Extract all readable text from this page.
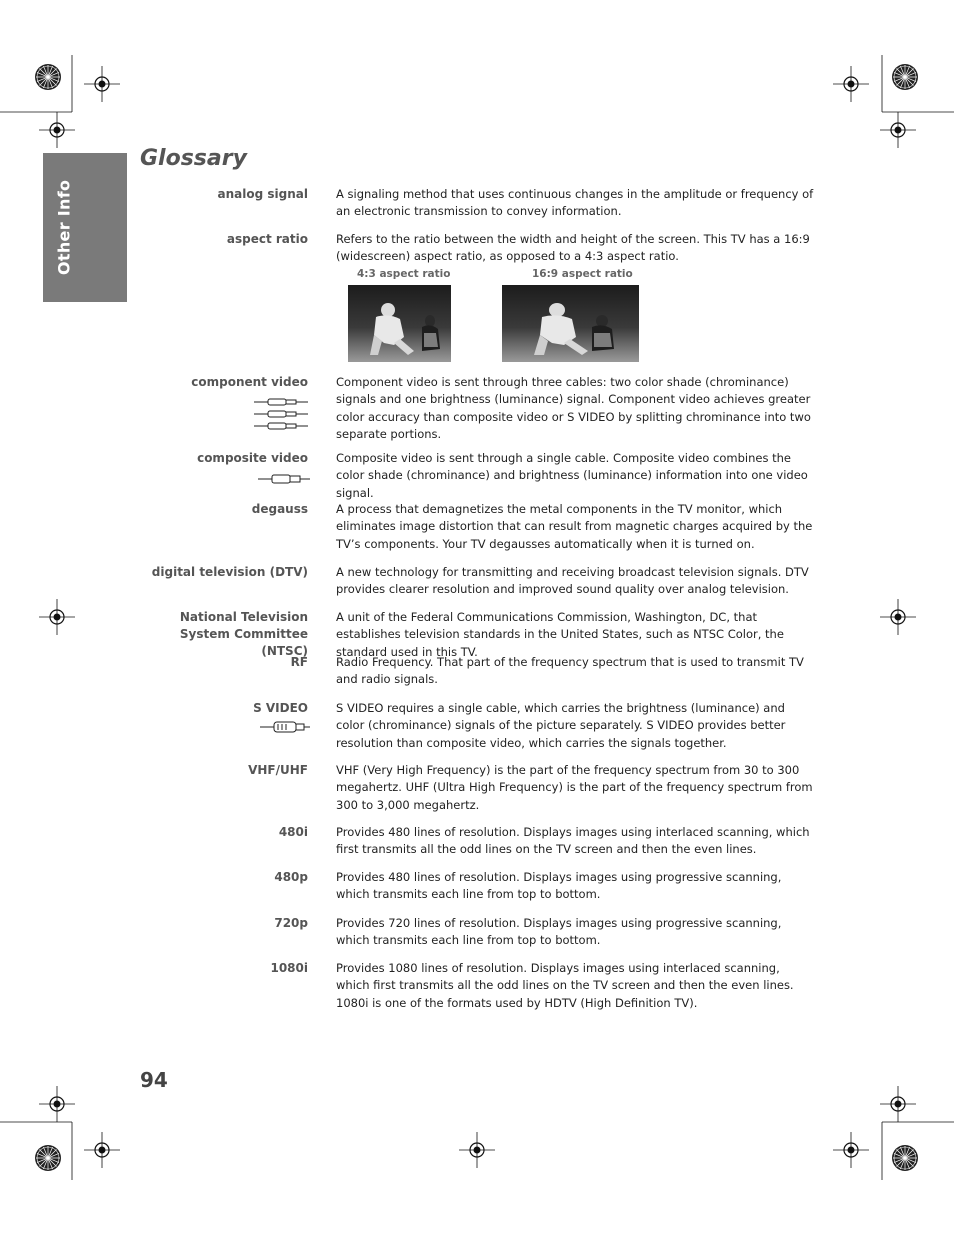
Other Info
Glossary
analog signal A signaling method that uses continuous changes in the amplitude or frequency of an electronic transmission to convey information.
aspect ratio Refers to the ratio between the width and height of the screen. This TV has a 16:9 (widescreen) aspect ratio, as opposed to a 4:3 aspect ratio.
4:3 aspect ratio	16:9 aspect ratio
component video Component video is sent through three cables: two color shade (chrominance) signals and one brightness (luminance) signal. Component video achieves greater color accuracy than composite video or S VIDEO by splitting chrominance into two separate portions.
composite video Composite video is sent through a single cable. Composite video combines the color shade (chrominance) and brightness (luminance) information into one video signal.
degauss A process that demagnetizes the metal components in the TV monitor, which eliminates image distortion that can result from magnetic charges acquired by the TV’s components. Your TV degausses automatically when it is turned on.
digital television (DTV) A new technology for transmitting and receiving broadcast television signals. DTV provides clearer resolution and improved sound quality over analog television.
National Television System Committee (NTSC)
A unit of the Federal Communications Commission, Washington, DC, that establishes television standards in the United States, such as NTSC Color, the standard used in this TV.
RF Radio Frequency. That part of the frequency spectrum that is used to transmit TV and radio signals.
S VIDEO S VIDEO requires a single cable, which carries the brightness (luminance) and color (chrominance) signals of the picture separately. S VIDEO provides better resolution than composite video, which carries the signals together.
VHF/UHF VHF (Very High Frequency) is the part of the frequency spectrum from 30 to 300 megahertz. UHF (Ultra High Frequency) is the part of the frequency spectrum from 300 to 3,000 megahertz.
480i Provides 480 lines of resolution. Displays images using interlaced scanning, which first transmits all the odd lines on the TV screen and then the even lines.
480p Provides 480 lines of resolution. Displays images using progressive scanning, which transmits each line from top to bottom.
720p Provides 720 lines of resolution. Displays images using progressive scanning, which transmits each line from top to bottom.
1080i Provides 1080 lines of resolution. Displays images using interlaced scanning, which first transmits all the odd lines on the TV screen and then the even lines. 1080i is one of the formats used by HDTV (High Definition TV).
94
